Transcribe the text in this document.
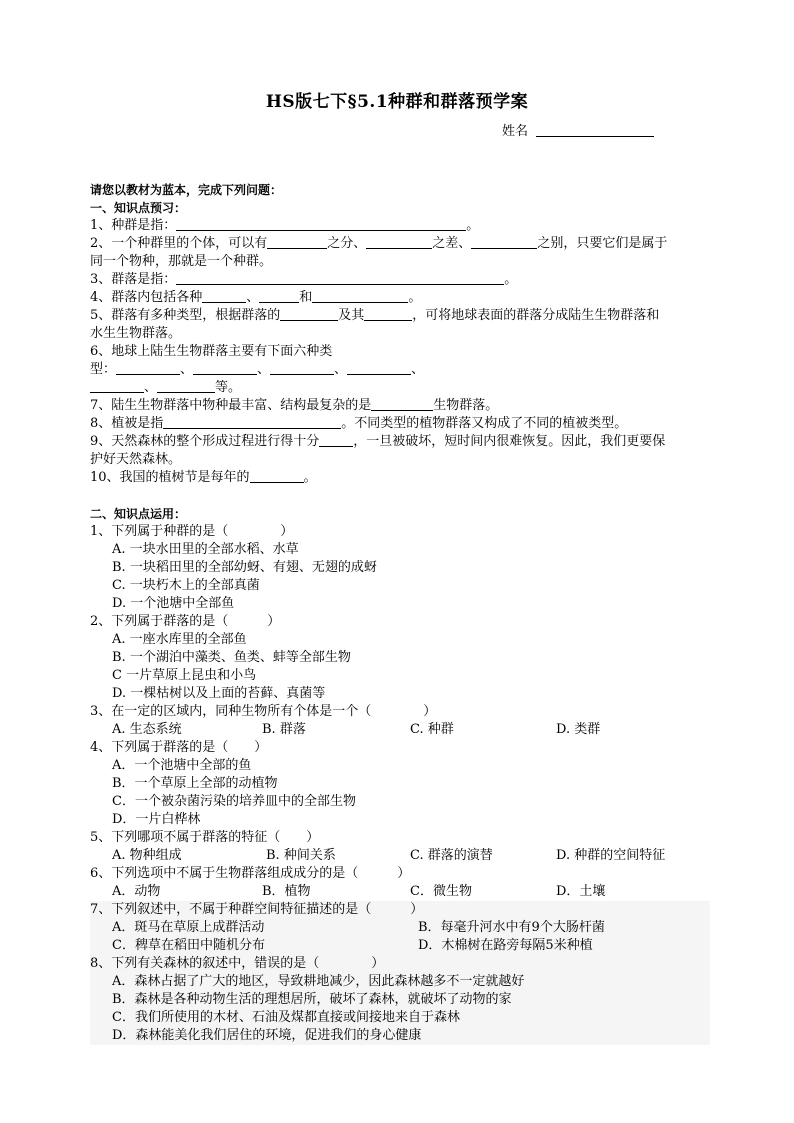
HS版七下§5.1种群和群落预学案
姓名
请您以教材为蓝本，完成下列问题：
一、知识点预习：
1、种群是指：	。
2、一个种群里的个体，可以有	之分、	之差、	之别，只要它们是属于
同一个物种，那就是一个种群。
3、群落是指：	。
4、群落内包括各种	、	和	。
5、群落有多种类型，根据群落的	及其	，可将地球表面的群落分成陆生生物群落和
水生生物群落。
6、地球上陆生生物群落主要有下面六种类
型：	、	、	、	、
、	等。
7、陆生生物群落中物种最丰富、结构最复杂的是	生物群落。
8、植被是指	。不同类型的植物群落又构成了不同的植被类型。
9、天然森林的整个形成过程进行得十分	，一旦被破坏，短时间内很难恢复。因此，我们更要保
护好天然森林。
10、我国的植树节是每年的	。
二、知识点运用：
1、下列属于种群的是（　　　　）
A. 一块水田里的全部水稻、水草
B. 一块稻田里的全部幼蚜、有翅、无翅的成蚜
C. 一块朽木上的全部真菌
D. 一个池塘中全部鱼
2、下列属于群落的是（　　　）
A. 一座水库里的全部鱼
B. 一个湖泊中藻类、鱼类、蚌等全部生物
C 一片草原上昆虫和小鸟
D. 一棵枯树以及上面的苔藓、真菌等
3、在一定的区域内，同种生物所有个体是一个（　　　　）
A. 生态系统	B. 群落	C. 种群	D. 类群
4、下列属于群落的是（　　）
A．一个池塘中全部的鱼
B．一个草原上全部的动植物
C．一个被杂菌污染的培养皿中的全部生物
D．一片白桦林
5、下列哪项不属于群落的特征（　　）
A. 物种组成	B. 种间关系	C. 群落的演替	D. 种群的空间特征
6、下列选项中不属于生物群落组成成分的是（　　　）
A．动物	B．植物	C．微生物	D．土壤
7、下列叙述中，不属于种群空间特征描述的是（　　　）
A．斑马在草原上成群活动	B．每毫升河水中有9个大肠杆菌
C．稗草在稻田中随机分布	D．木棉树在路旁每隔5米种植
8、下列有关森林的叙述中，错误的是（　　　　）
A．森林占据了广大的地区，导致耕地减少，因此森林越多不一定就越好
B．森林是各种动物生活的理想居所，破坏了森林，就破坏了动物的家
C．我们所使用的木材、石油及煤都直接或间接地来自于森林
D．森林能美化我们居住的环境，促进我们的身心健康
